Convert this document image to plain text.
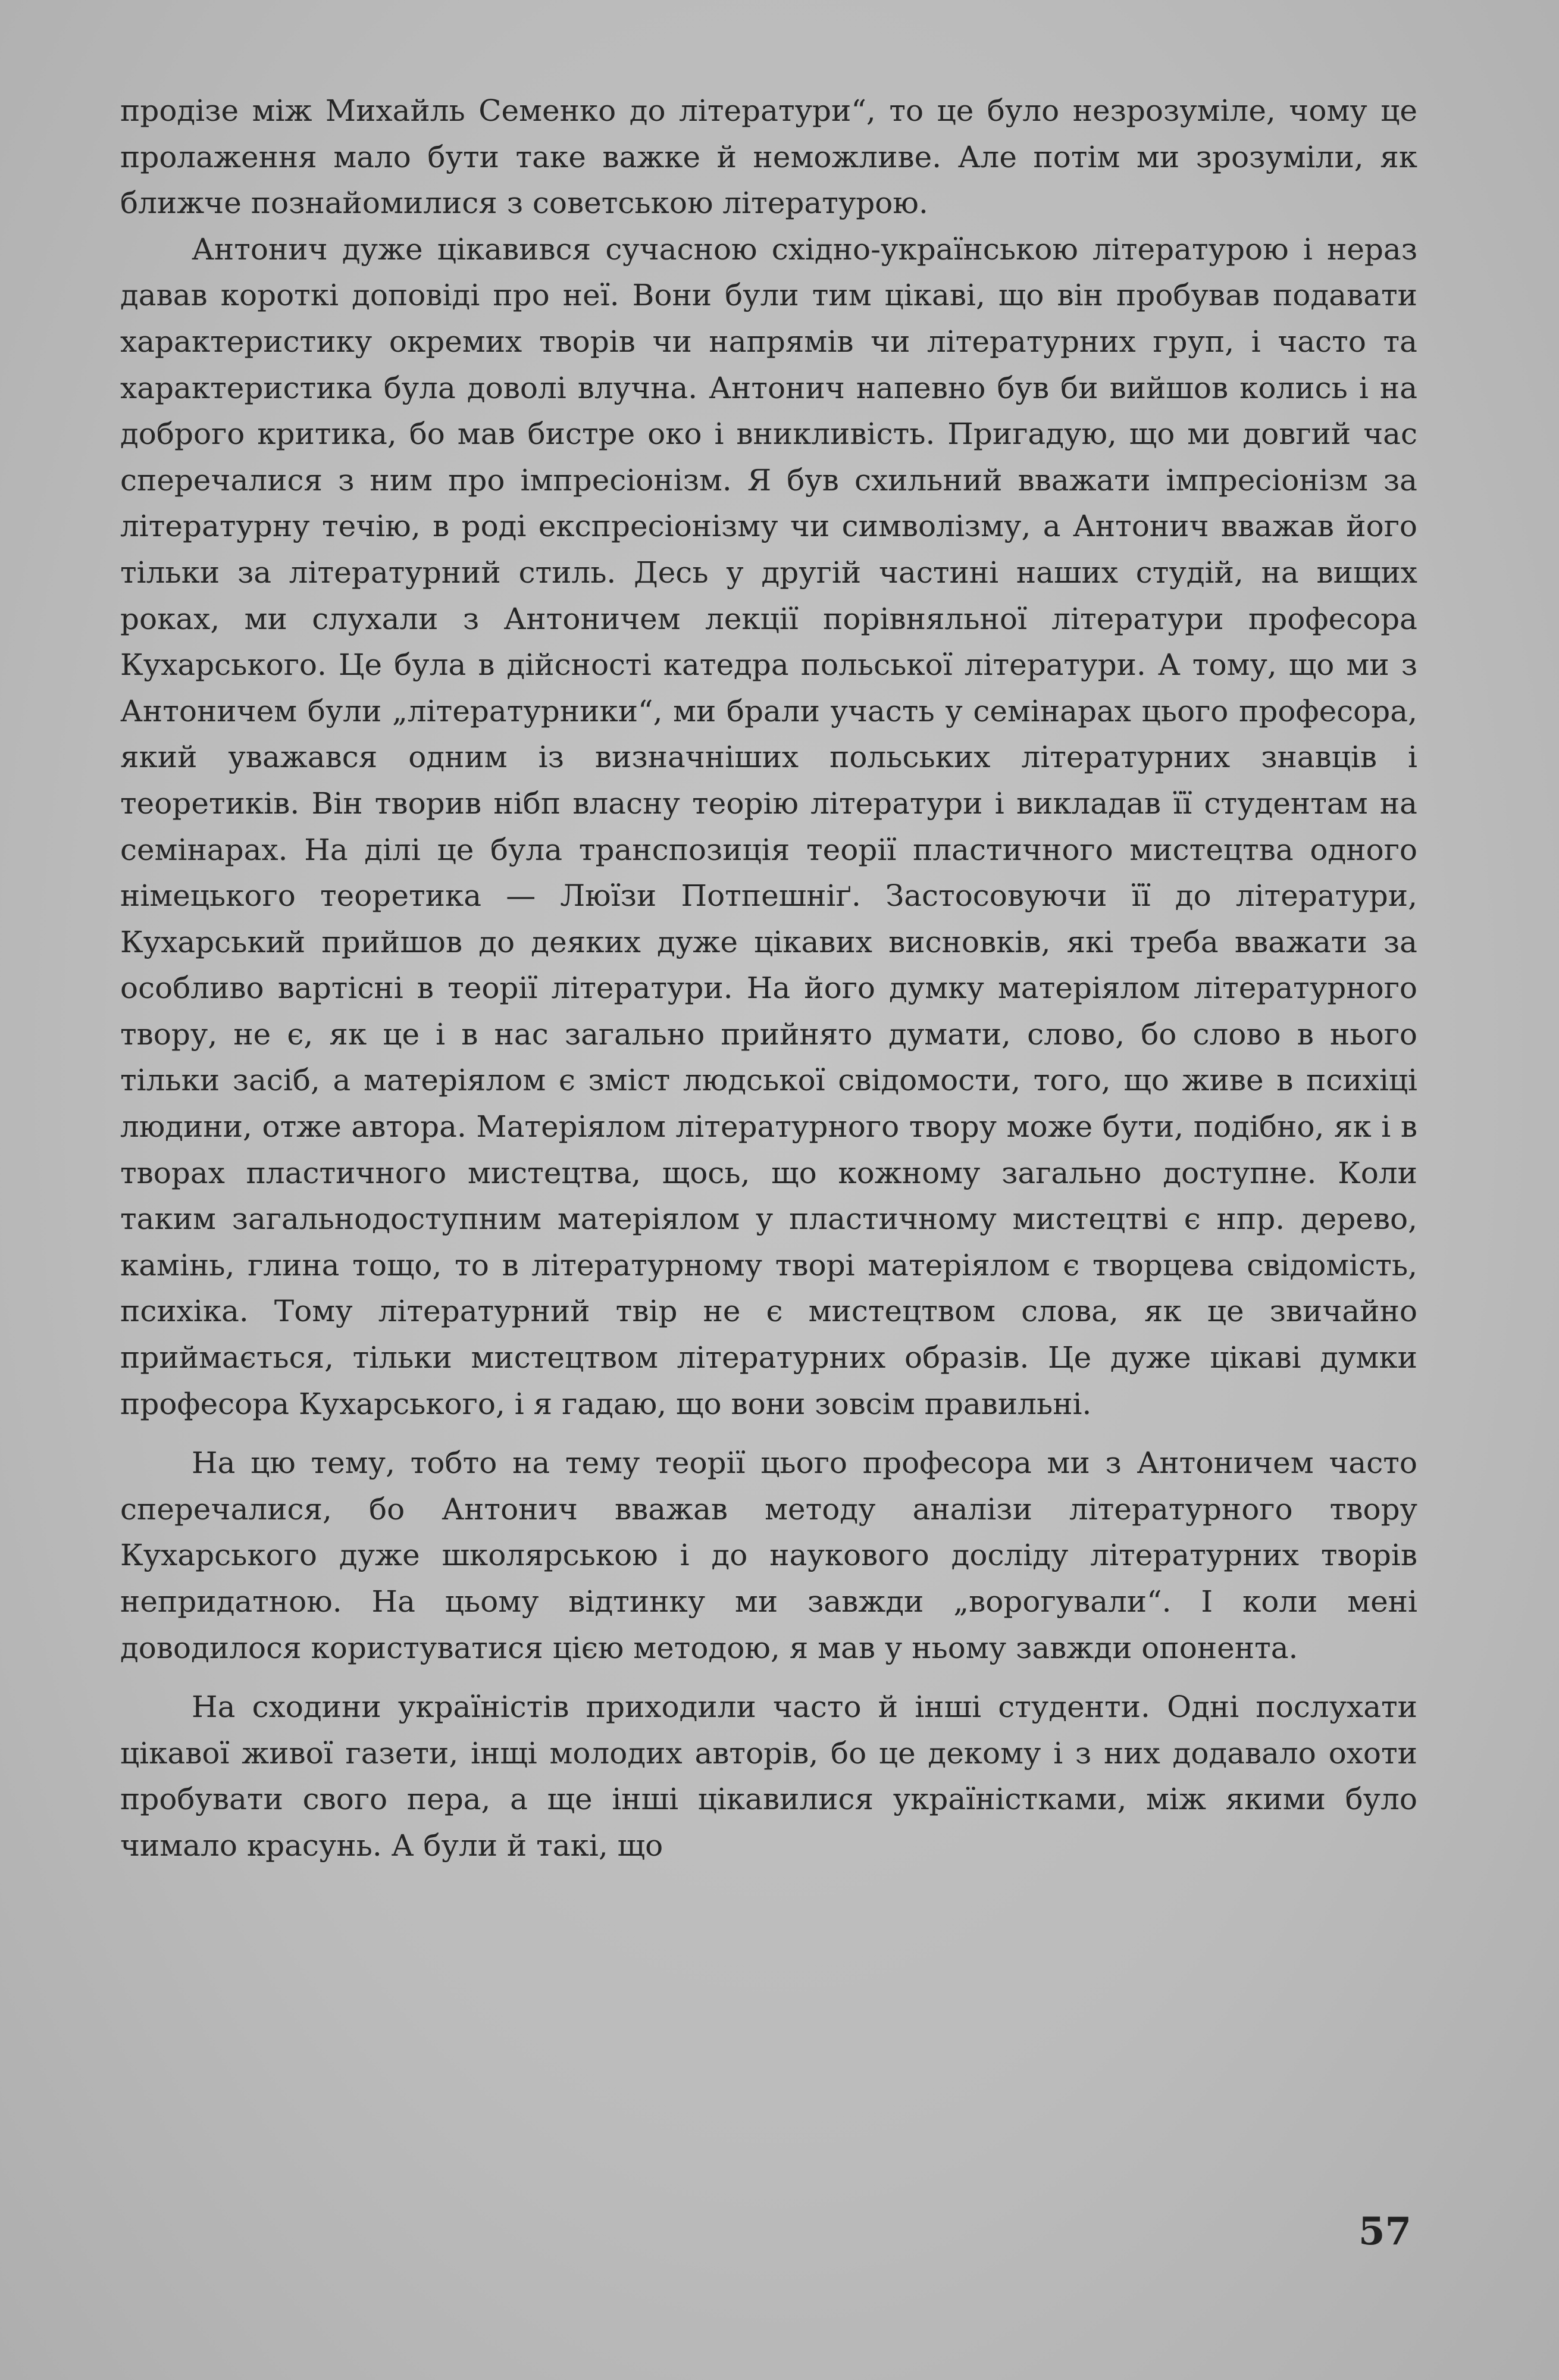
продізе між Михайль Семенко до літератури“, то це було незрозуміле, чому це пролаження мало бути таке важке й неможливе. Але потім ми зрозуміли, як ближче познайомилися з советською літературою.

Антонич дуже цікавився сучасною східно-українською літературою і нераз давав короткі доповіді про неї. Вони були тим цікаві, що він пробував подавати характеристику окремих творів чи напрямів чи літературних груп, і часто та характеристика була доволі влучна. Антонич напевно був би вийшов колись і на доброго критика, бо мав бистре око і вникливість. Пригадую, що ми довгий час сперечалися з ним про імпресіонізм. Я був схильний вважати імпресіонізм за літературну течію, в роді експресіонізму чи символізму, а Антонич вважав його тільки за літературний стиль. Десь у другій частині наших студій, на вищих роках, ми слухали з Антоничем лекції порівняльної літератури професора Кухарського. Це була в дійсності катедра польської літератури. А тому, що ми з Антоничем були „літературники“, ми брали участь у семінарах цього професора, який уважався одним із визначніших польських літературних знавців і теоретиків. Він творив нібп власну теорію літератури і викладав її студентам на семінарах. На ділі це була транспозиція теорії пластичного мистецтва одного німецького теоретика — Люїзи Потпешніґ. Застосовуючи її до літератури, Кухарський прийшов до деяких дуже цікавих висновків, які треба вважати за особливо вартісні в теорії літератури. На його думку матеріялом літературного твору, не є, як це і в нас загально прийнято думати, слово, бо слово в нього тільки засіб, а матеріялом є зміст людської свідомости, того, що живе в психіці людини, отже автора. Матеріялом літературного твору може бути, подібно, як і в творах пластичного мистецтва, щось, що кожному загально доступне. Коли таким загальнодоступним матеріялом у пластичному мистецтві є нпр. дерево, камінь, глина тощо, то в літературному творі матеріялом є творцева свідомість, психіка. Тому літературний твір не є мистецтвом слова, як це звичайно приймається, тільки мистецтвом літературних образів. Це дуже цікаві думки професора Кухарського, і я гадаю, що вони зовсім правильні.

На цю тему, тобто на тему теорії цього професора ми з Антоничем часто сперечалися, бо Антонич вважав методу аналізи літературного твору Кухарського дуже школярською і до наукового досліду літературних творів непридатною. На цьому відтинку ми завжди „ворогували“. І коли мені доводилося користуватися цією методою, я мав у ньому завжди опонента.

На сходини україністів приходили часто й інші студенти. Одні послухати цікавої живої газети, інщі молодих авторів, бо це декому і з них додавало охоти пробувати свого пера, а ще інші цікавилися україністками, між якими було чимало красунь. А були й такі, що

57
